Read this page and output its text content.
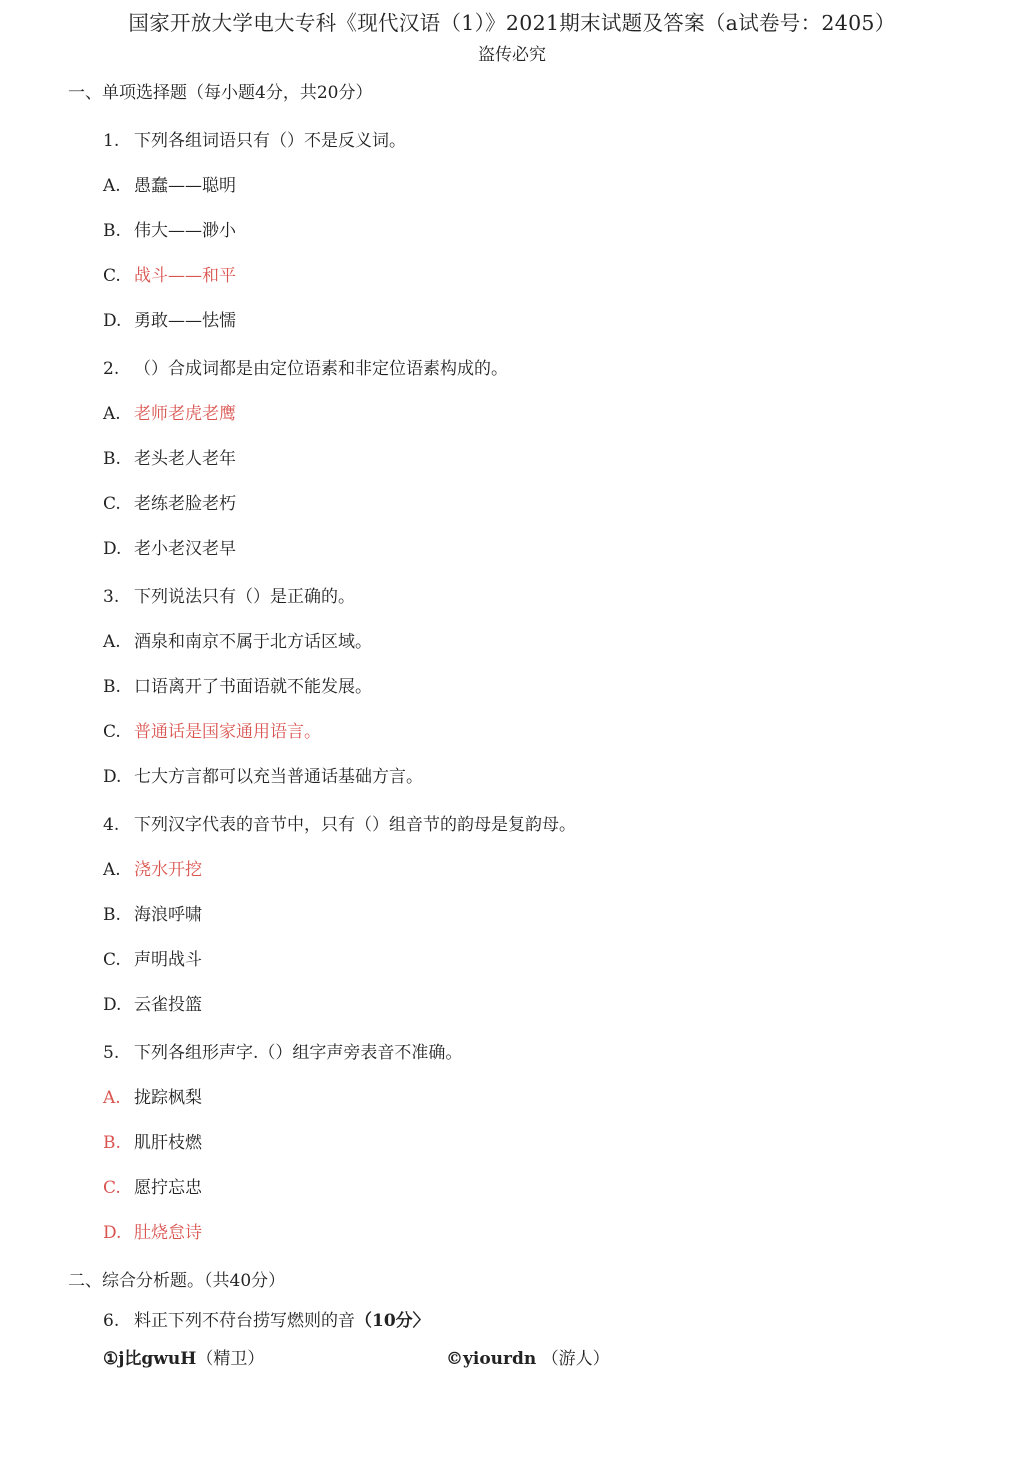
国家开放大学电大专科《现代汉语（1）》2021期末试题及答案（a试卷号：2405）
盗传必究
一、单项选择题（每小题4分，共20分）
1. 下列各组词语只有（）不是反义词。
A. 愚蠢——聪明
B. 伟大——渺小
C. 战斗——和平
D. 勇敢——怯懦
2. （）合成词都是由定位语素和非定位语素构成的。
A. 老师老虎老鹰
B. 老头老人老年
C. 老练老脸老朽
D. 老小老汉老早
3. 下列说法只有（）是正确的。
A. 酒泉和南京不属于北方话区域。
B. 口语离开了书面语就不能发展。
C. 普通话是国家通用语言。
D. 七大方言都可以充当普通话基础方言。
4. 下列汉字代表的音节中，只有（）组音节的韵母是复韵母。
A. 浇水开挖
B. 海浪呼啸
C. 声明战斗
D. 云雀投篮
5. 下列各组形声字.（）组字声旁表音不准确。
A. 拢踪枫梨
B. 肌肝枝燃
C. 愿拧忘忠
D. 肚烧怠诗
二、综合分析题。（共40分）
6. 料正下列不苻台捞写燃则的音（10分〉
①j比gwuH（精卫）	©yiourdn （游人）
